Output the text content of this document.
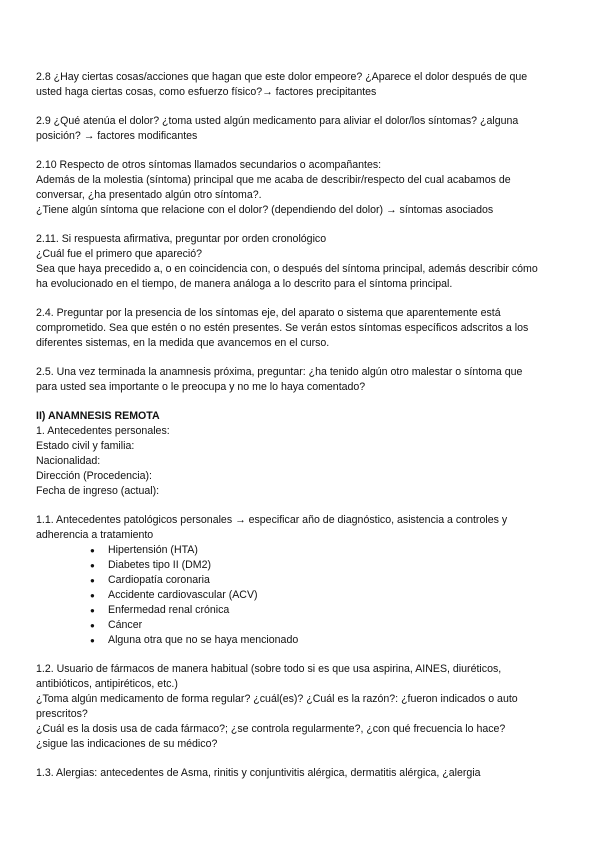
2.8 ¿Hay ciertas cosas/acciones que hagan que este dolor empeore? ¿Aparece el dolor después de que
usted haga ciertas cosas, como esfuerzo físico?→ factores precipitantes
2.9 ¿Qué atenúa el dolor? ¿toma usted algún medicamento para aliviar el dolor/los síntomas? ¿alguna
posición? → factores modificantes
2.10 Respecto de otros síntomas llamados secundarios o acompañantes:
Además de la molestia (síntoma) principal que me acaba de describir/respecto del cual acabamos de
conversar, ¿ha presentado algún otro síntoma?.
¿Tiene algún síntoma que relacione con el dolor? (dependiendo del dolor) → síntomas asociados
2.11. Si respuesta afirmativa, preguntar por orden cronológico
¿Cuál fue el primero que apareció?
Sea que haya precedido a, o en coincidencia con, o después del síntoma principal, además describir cómo
ha evolucionado en el tiempo, de manera análoga a lo descrito para el síntoma principal.
2.4. Preguntar por la presencia de los síntomas eje, del aparato o sistema que aparentemente está
comprometido. Sea que estén o no estén presentes. Se verán estos síntomas específicos adscritos a los
diferentes sistemas, en la medida que avancemos en el curso.
2.5. Una vez terminada la anamnesis próxima, preguntar: ¿ha tenido algún otro malestar o síntoma que
para usted sea importante o le preocupa y no me lo haya comentado?

II) ANAMNESIS REMOTA

1. Antecedentes personales:
Estado civil y familia:
Nacionalidad:
Dirección (Procedencia):
Fecha de ingreso (actual):
1.1. Antecedentes patológicos personales → especificar año de diagnóstico, asistencia a controles y
adherencia a tratamiento
● Hipertensión (HTA)
● Diabetes tipo II (DM2)
● Cardiopatía coronaria
● Accidente cardiovascular (ACV)
● Enfermedad renal crónica
● Cáncer
● Alguna otra que no se haya mencionado
1.2. Usuario de fármacos de manera habitual (sobre todo si es que usa aspirina, AINES, diuréticos,
antibióticos, antipiréticos, etc.)
¿Toma algún medicamento de forma regular? ¿cuál(es)? ¿Cuál es la razón?: ¿fueron indicados o auto
prescritos?
¿Cuál es la dosis usa de cada fármaco?; ¿se controla regularmente?, ¿con qué frecuencia lo hace?
¿sigue las indicaciones de su médico?
1.3. Alergias: antecedentes de Asma, rinitis y conjuntivitis alérgica, dermatitis alérgica, ¿alergia
